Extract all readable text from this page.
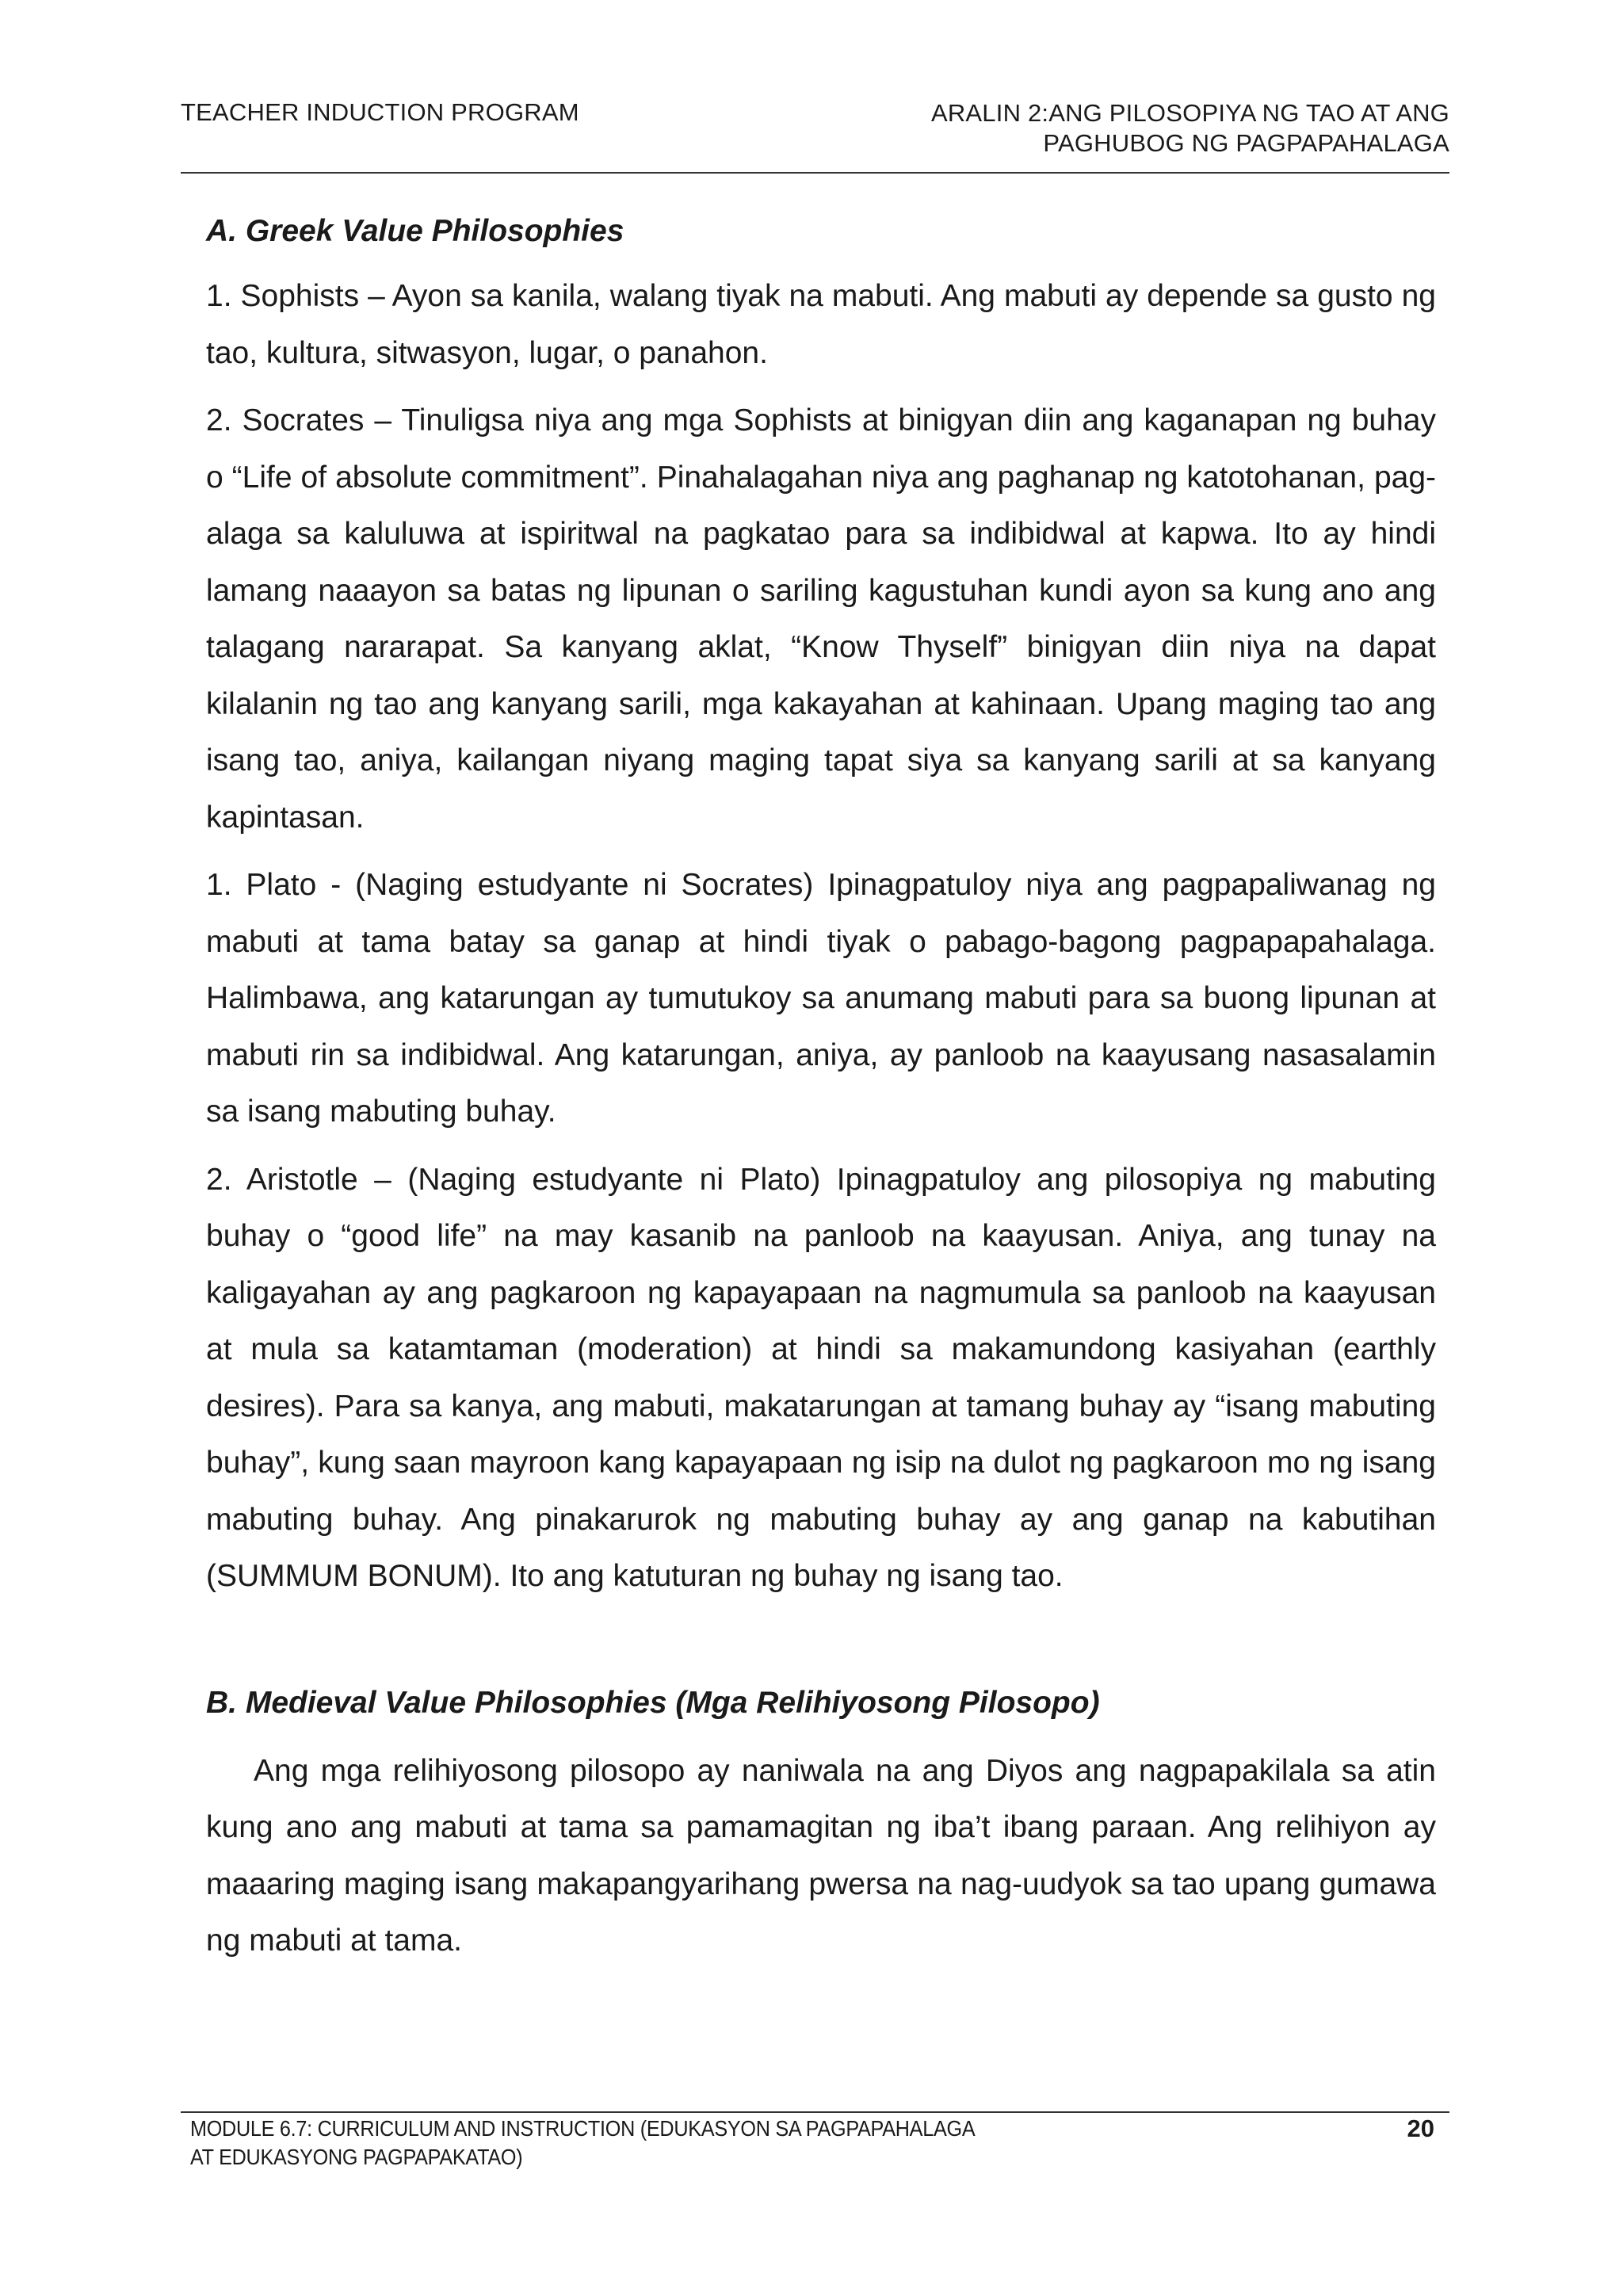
TEACHER INDUCTION PROGRAM	ARALIN 2:ANG PILOSOPIYA NG TAO AT ANG
PAGHUBOG NG PAGPAPAHALAGA
A. Greek Value Philosophies

1. Sophists – Ayon sa kanila, walang tiyak na mabuti. Ang mabuti ay depende sa gusto ng tao, kultura, sitwasyon, lugar, o panahon.

2. Socrates – Tinuligsa niya ang mga Sophists at binigyan diin ang kaganapan ng buhay o “Life of absolute commitment”. Pinahalagahan niya ang paghanap ng katotohanan, pag-alaga sa kaluluwa at ispiritwal na pagkatao para sa indibidwal at kapwa. Ito ay hindi lamang naaayon sa batas ng lipunan o sariling kagustuhan kundi ayon sa kung ano ang talagang nararapat. Sa kanyang aklat, “Know Thyself” binigyan diin niya na dapat kilalanin ng tao ang kanyang sarili, mga kakayahan at kahinaan. Upang maging tao ang isang tao, aniya, kailangan niyang maging tapat siya sa kanyang sarili at sa kanyang kapintasan.

1. Plato - (Naging estudyante ni Socrates) Ipinagpatuloy niya ang pagpapaliwanag ng mabuti at tama batay sa ganap at hindi tiyak o pabago-bagong pagpapapahalaga. Halimbawa, ang katarungan ay tumutukoy sa anumang mabuti para sa buong lipunan at mabuti rin sa indibidwal. Ang katarungan, aniya, ay panloob na kaayusang nasasalamin sa isang mabuting buhay.

2. Aristotle – (Naging estudyante ni Plato) Ipinagpatuloy ang pilosopiya ng mabuting buhay o “good life” na may kasanib na panloob na kaayusan. Aniya, ang tunay na kaligayahan ay ang pagkaroon ng kapayapaan na nagmumula sa panloob na kaayusan at mula sa katamtaman (moderation) at hindi sa makamundong kasiyahan (earthly desires). Para sa kanya, ang mabuti, makatarungan at tamang buhay ay “isang mabuting buhay”, kung saan mayroon kang kapayapaan ng isip na dulot ng pagkaroon mo ng isang mabuting buhay. Ang pinakarurok ng mabuting buhay ay ang ganap na kabutihan (SUMMUM BONUM). Ito ang katuturan ng buhay ng isang tao.

B. Medieval Value Philosophies (Mga Relihiyosong Pilosopo)

Ang mga relihiyosong pilosopo ay naniwala na ang Diyos ang nagpapakilala sa atin kung ano ang mabuti at tama sa pamamagitan ng iba’t ibang paraan. Ang relihiyon ay maaaring maging isang makapangyarihang pwersa na nag-uudyok sa tao upang gumawa ng mabuti at tama.

MODULE 6.7: CURRICULUM AND INSTRUCTION (EDUKASYON SA PAGPAPAHALAGA
AT EDUKASYONG PAGPAPAKATAO)
20
